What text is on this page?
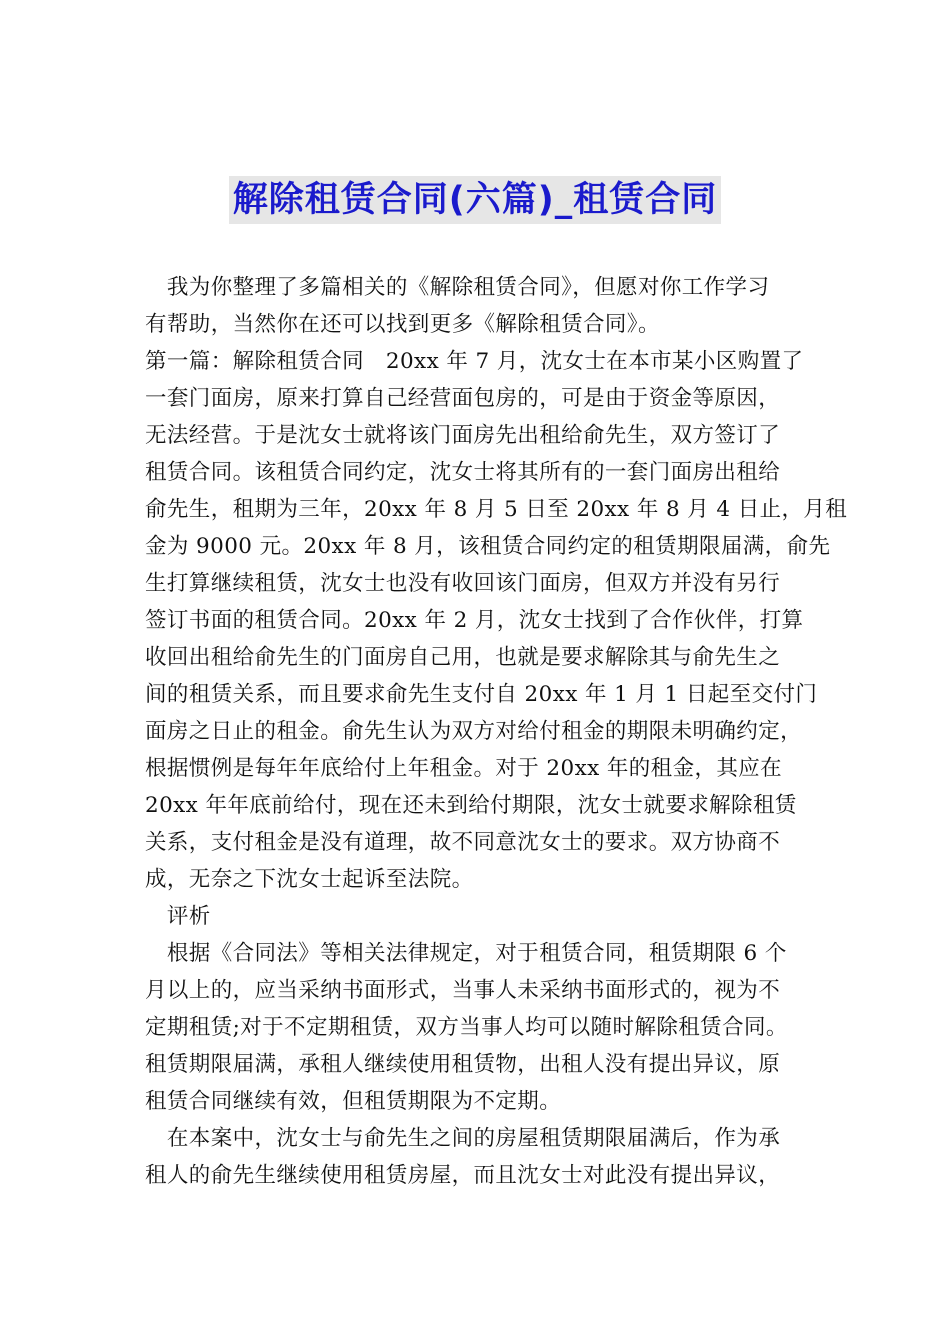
解除租赁合同(六篇)_租赁合同
　我为你整理了多篇相关的《解除租赁合同》，但愿对你工作学习
有帮助，当然你在还可以找到更多《解除租赁合同》。
第一篇：解除租赁合同　20xx 年 7 月，沈女士在本市某小区购置了
一套门面房，原来打算自己经营面包房的，可是由于资金等原因，
无法经营。于是沈女士就将该门面房先出租给俞先生，双方签订了
租赁合同。该租赁合同约定，沈女士将其所有的一套门面房出租给
俞先生，租期为三年，20xx 年 8 月 5 日至 20xx 年 8 月 4 日止，月租
金为 9000 元。20xx 年 8 月，该租赁合同约定的租赁期限届满，俞先
生打算继续租赁，沈女士也没有收回该门面房，但双方并没有另行
签订书面的租赁合同。20xx 年 2 月，沈女士找到了合作伙伴，打算
收回出租给俞先生的门面房自己用，也就是要求解除其与俞先生之
间的租赁关系，而且要求俞先生支付自 20xx 年 1 月 1 日起至交付门
面房之日止的租金。俞先生认为双方对给付租金的期限未明确约定，
根据惯例是每年年底给付上年租金。对于 20xx 年的租金，其应在
20xx 年年底前给付，现在还未到给付期限，沈女士就要求解除租赁
关系，支付租金是没有道理，故不同意沈女士的要求。双方协商不
成，无奈之下沈女士起诉至法院。
　评析
　根据《合同法》等相关法律规定，对于租赁合同，租赁期限 6 个
月以上的，应当采纳书面形式，当事人未采纳书面形式的，视为不
定期租赁;对于不定期租赁，双方当事人均可以随时解除租赁合同。
租赁期限届满，承租人继续使用租赁物，出租人没有提出异议，原
租赁合同继续有效，但租赁期限为不定期。
　在本案中，沈女士与俞先生之间的房屋租赁期限届满后，作为承
租人的俞先生继续使用租赁房屋，而且沈女士对此没有提出异议，
